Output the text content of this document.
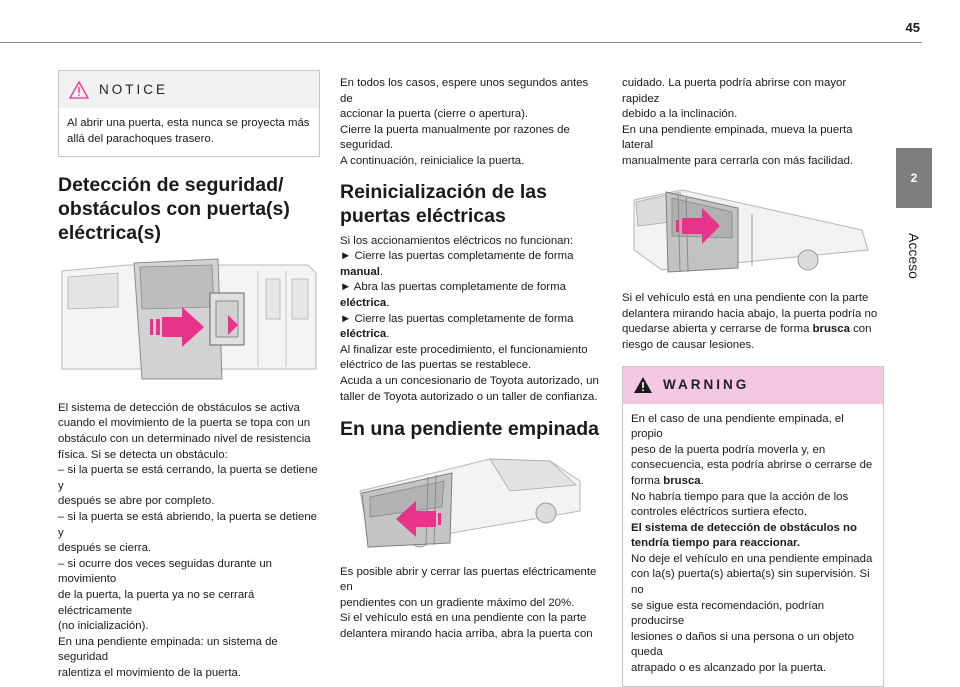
45
2
Acceso
NOTICE
Al abrir una puerta, esta nunca se proyecta más allá del parachoques trasero.
Detección de seguridad/ obstáculos con puerta(s) eléctrica(s)

El sistema de detección de obstáculos se activa

cuando el movimiento de la puerta se topa con un

obstáculo con un determinado nivel de resistencia

física. Si se detecta un obstáculo:

– si la puerta se está cerrando, la puerta se detiene y

después se abre por completo.

– si la puerta se está abriendo, la puerta se detiene y

después se cierra.

– si ocurre dos veces seguidas durante un movimiento

de la puerta, la puerta ya no se cerrará eléctricamente

(no inicialización).

En una pendiente empinada: un sistema de seguridad

ralentiza el movimiento de la puerta.

En todos los casos, espere unos segundos antes de

accionar la puerta (cierre o apertura).

Cierre la puerta manualmente por razones de

seguridad.

A continuación, reinicialice la puerta.

Reinicialización de las puertas eléctricas

Si los accionamientos eléctricos no funcionan:

► Cierre las puertas completamente de forma

manual.

► Abra las puertas completamente de forma eléctrica.

► Cierre las puertas completamente de forma

eléctrica.

Al finalizar este procedimiento, el funcionamiento

eléctrico de las puertas se restablece.

Acuda a un concesionario de Toyota autorizado, un

taller de Toyota autorizado o un taller de confianza.

En una pendiente empinada

Es posible abrir y cerrar las puertas eléctricamente en

pendientes con un gradiente máximo del 20%.

Si el vehículo está en una pendiente con la parte

delantera mirando hacia arriba, abra la puerta con

cuidado. La puerta podría abrirse con mayor rapidez

debido a la inclinación.

En una pendiente empinada, mueva la puerta lateral

manualmente para cerrarla con más facilidad.

Si el vehículo está en una pendiente con la parte

delantera mirando hacia abajo, la puerta podría no

quedarse abierta y cerrarse de forma brusca con

riesgo de causar lesiones.

WARNING

En el caso de una pendiente empinada, el propio

peso de la puerta podría moverla y, en

consecuencia, esta podría abrirse o cerrarse de

forma brusca.

No habría tiempo para que la acción de los

controles eléctricos surtiera efecto.

El sistema de detección de obstáculos no

tendría tiempo para reaccionar.

No deje el vehículo en una pendiente empinada

con la(s) puerta(s) abierta(s) sin supervisión. Si no

se sigue esta recomendación, podrían producirse

lesiones o daños si una persona o un objeto queda

atrapado o es alcanzado por la puerta.
